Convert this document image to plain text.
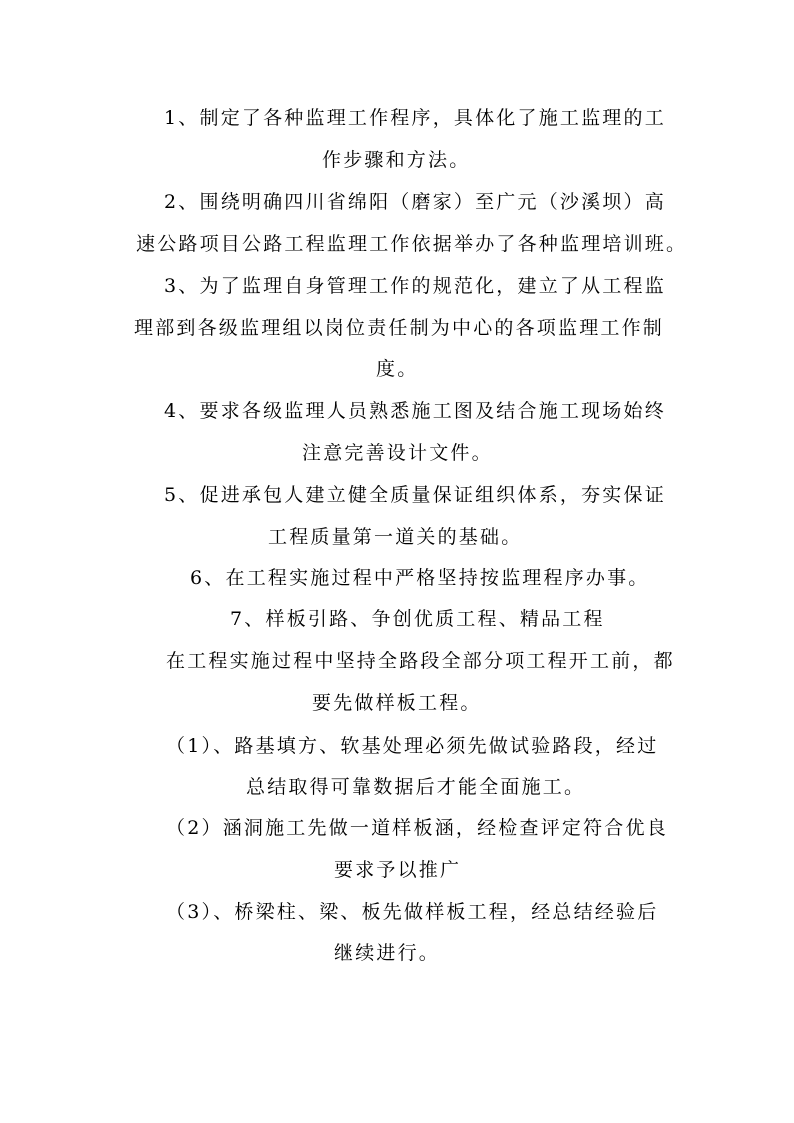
1、制定了各种监理工作程序，具体化了施工监理的工
作步骤和方法。
2、围绕明确四川省绵阳（磨家）至广元（沙溪坝）高
速公路项目公路工程监理工作依据举办了各种监理培训班。
3、为了监理自身管理工作的规范化，建立了从工程监
理部到各级监理组以岗位责任制为中心的各项监理工作制
度。
4、要求各级监理人员熟悉施工图及结合施工现场始终
注意完善设计文件。
5、促进承包人建立健全质量保证组织体系，夯实保证
工程质量第一道关的基础。
6、在工程实施过程中严格坚持按监理程序办事。
7、样板引路、争创优质工程、精品工程
在工程实施过程中坚持全路段全部分项工程开工前，都
要先做样板工程。
（1）、路基填方、软基处理必须先做试验路段，经过
总结取得可靠数据后才能全面施工。
（2）涵洞施工先做一道样板涵，经检查评定符合优良
要求予以推广
（3）、桥梁柱、梁、板先做样板工程，经总结经验后
继续进行。
